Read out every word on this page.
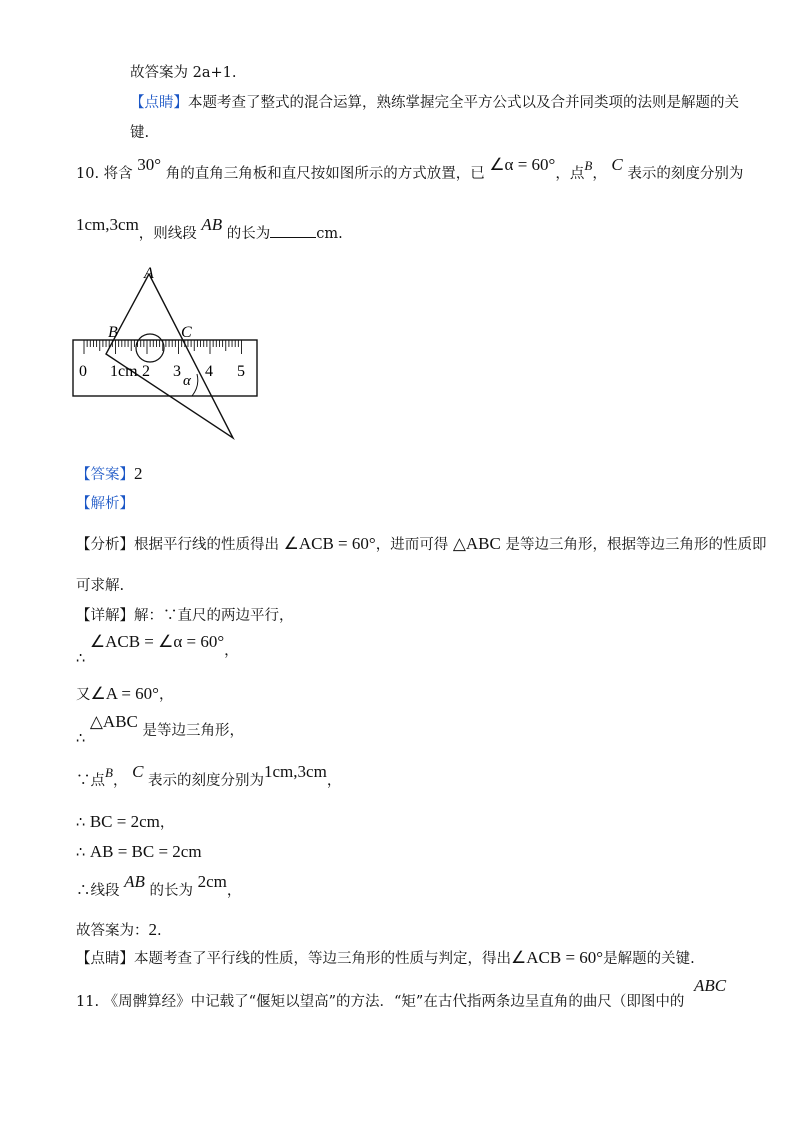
故答案为 2a+1.
【点睛】本题考查了整式的混合运算，熟练掌握完全平方公式以及合并同类项的法则是解题的关
键.
10. 将含 30° 角的直角三角板和直尺按如图所示的方式放置，已 ∠α = 60°，点B， C 表示的刻度分别为
1cm,3cm，则线段 AB 的长为	cm.
A
B	C
α
0 1cm 2 3 4 5
【答案】2
【解析】
【分析】根据平行线的性质得出 ∠ACB = 60°，进而可得 △ABC 是等边三角形，根据等边三角形的性质即
可求解.
【详解】解：∵直尺的两边平行，
∴ ∠ACB = ∠α = 60°，
又∠A = 60°，
∴ △ABC 是等边三角形，
∵点B， C 表示的刻度分别为1cm,3cm，
∴ BC = 2cm，
∴ AB = BC = 2cm
∴线段 AB 的长为 2cm，
故答案为：2.
【点睛】本题考查了平行线的性质，等边三角形的性质与判定，得出∠ACB = 60°是解题的关键.
11. 《周髀算经》中记载了“偃矩以望高”的方法．“矩”在古代指两条边呈直角的曲尺（即图中的
ABC
